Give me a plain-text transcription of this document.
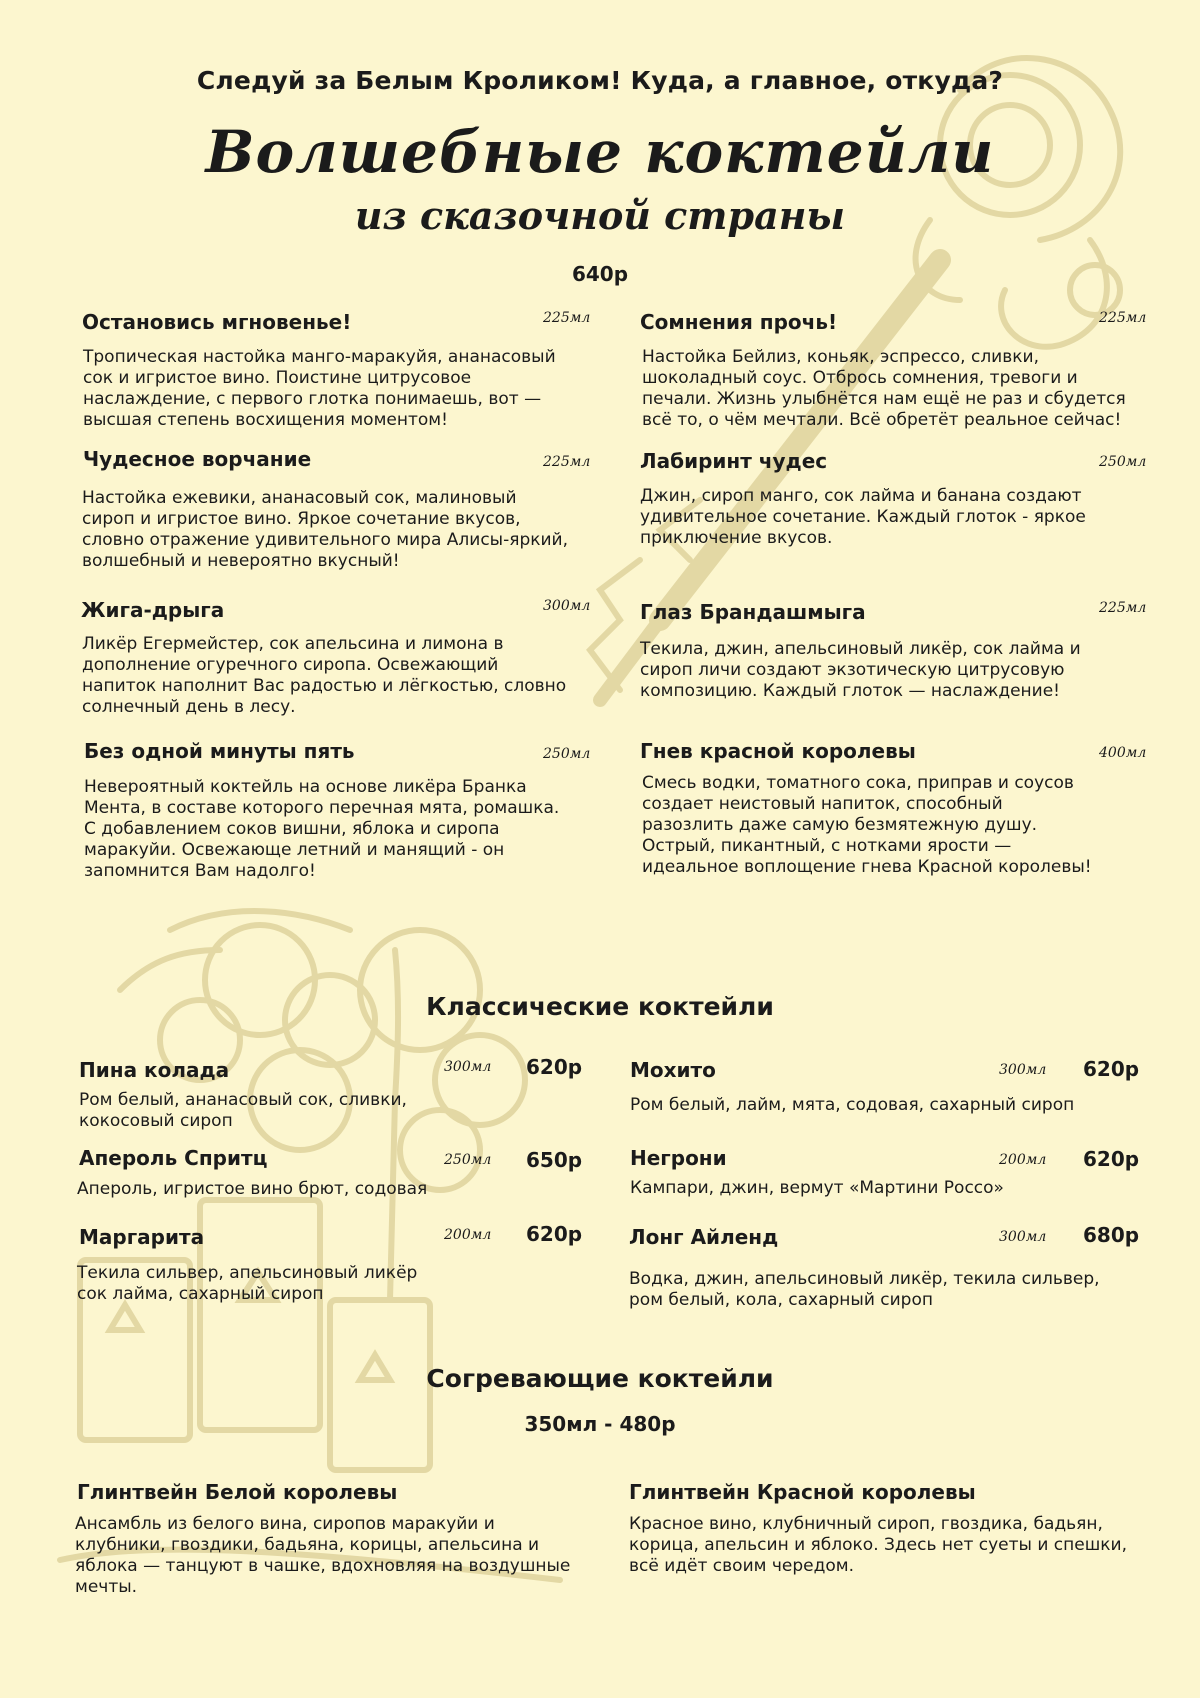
Следуй за Белым Кроликом! Куда, а главное, откуда?
Волшебные коктейли
из сказочной страны
640р
Остановись мгновенье!	225мл
Тропическая настойка манго-маракуйя, ананасовый
сок и игристое вино. Поистине цитрусовое
наслаждение, с первого глотка понимаешь, вот —
высшая степень восхищения моментом!
Сомнения прочь!	225мл
Настойка Бейлиз, коньяк, эспрессо, сливки,
шоколадный соус. Отбрось сомнения, тревоги и
печали. Жизнь улыбнётся нам ещё не раз и сбудется
всё то, о чём мечтали. Всё обретёт реальное сейчас!
Чудесное ворчание	225мл
Настойка ежевики, ананасовый сок, малиновый
сироп и игристое вино. Яркое сочетание вкусов,
словно отражение удивительного мира Алисы-яркий,
волшебный и невероятно вкусный!
Лабиринт чудес	250мл
Джин, сироп манго, сок лайма и банана создают
удивительное сочетание. Каждый глоток - яркое
приключение вкусов.
Жига-дрыга	300мл
Ликёр Егермейстер, сок апельсина и лимона в
дополнение огуречного сиропа. Освежающий
напиток наполнит Вас радостью и лёгкостью, словно
солнечный день в лесу.
Глаз Брандашмыга	225мл
Текила, джин, апельсиновый ликёр, сок лайма и
сироп личи создают экзотическую цитрусовую
композицию. Каждый глоток — наслаждение!
Без одной минуты пять	250мл
Невероятный коктейль на основе ликёра Бранка
Мента, в составе которого перечная мята, ромашка.
С добавлением соков вишни, яблока и сиропа
маракуйи. Освежающе летний и манящий - он
запомнится Вам надолго!
Гнев красной королевы	400мл
Смесь водки, томатного сока, приправ и соусов
создает неистовый напиток, способный
разозлить даже самую безмятежную душу.
Острый, пикантный, с нотками ярости —
идеальное воплощение гнева Красной королевы!
Классические коктейли
Пина колада	300мл 620р
Ром белый, ананасовый сок, сливки,
кокосовый сироп
Мохито	300мл 620р
Ром белый, лайм, мята, содовая, сахарный сироп
Апероль Спритц	250мл 650р
Апероль, игристое вино брют, содовая
Негрони	200мл 620р
Кампари, джин, вермут «Мартини Россо»
Маргарита	200мл 620р
Текила сильвер, апельсиновый ликёр
сок лайма, сахарный сироп
Лонг Айленд	300мл 680р
Водка, джин, апельсиновый ликёр, текила сильвер,
ром белый, кола, сахарный сироп
Согревающие коктейли
350мл - 480р
Глинтвейн Белой королевы
Ансамбль из белого вина, сиропов маракуйи и
клубники, гвоздики, бадьяна, корицы, апельсина и
яблока — танцуют в чашке, вдохновляя на воздушные
мечты.
Глинтвейн Красной королевы
Красное вино, клубничный сироп, гвоздика, бадьян,
корица, апельсин и яблоко. Здесь нет суеты и спешки,
всё идёт своим чередом.
